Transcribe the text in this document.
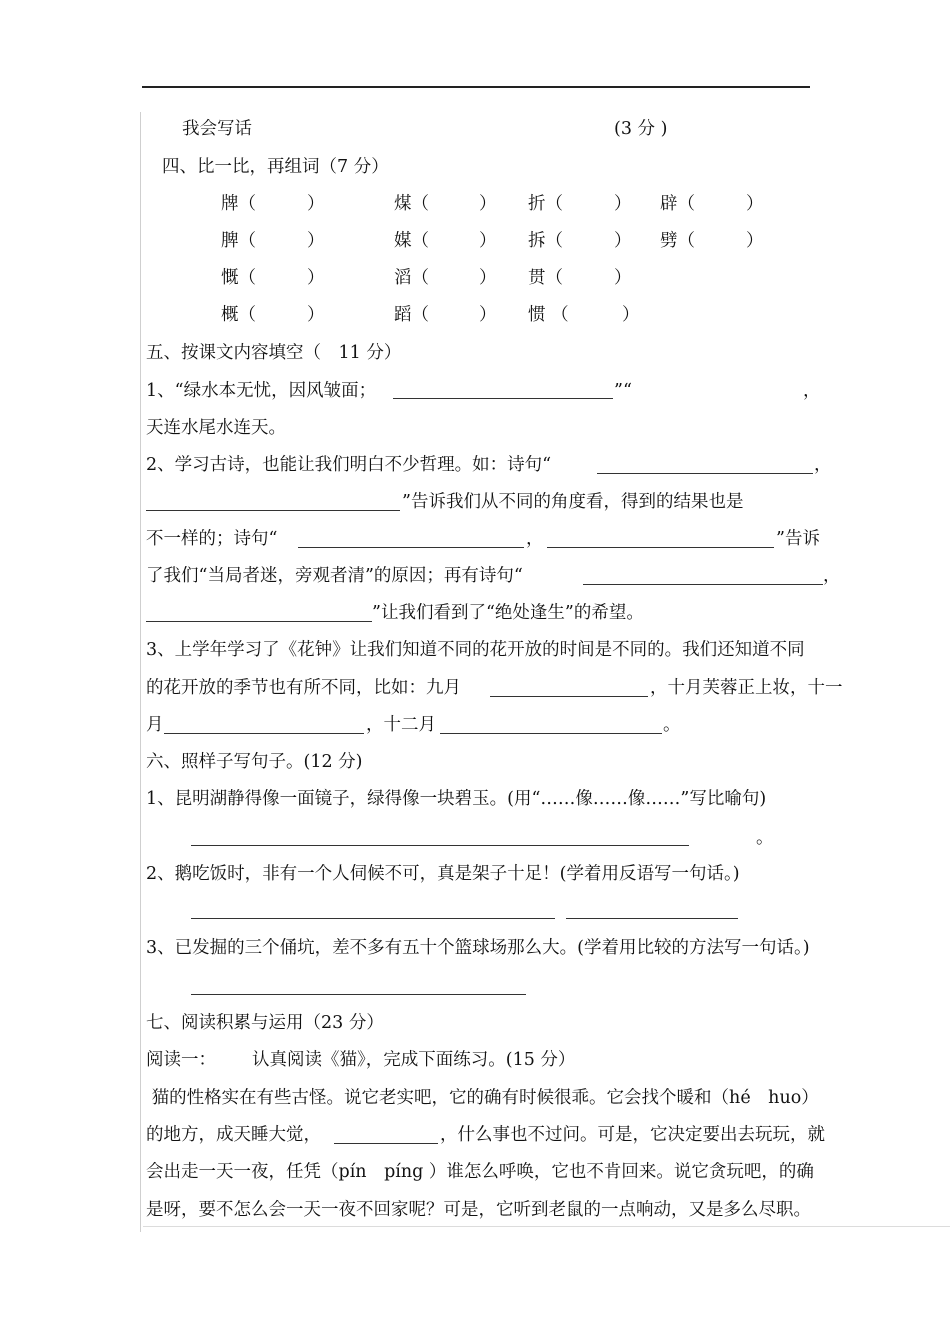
我会写话	(3 分 )
四、比一比，再组词（7 分）
牌（	）	煤（	） 折（	） 辟（	）
脾（	）	媒（	） 拆（	） 劈（	）
慨（	）	滔（	） 贯（	）
概（	）	蹈（	） 惯 （	）
五、按课文内容填空（　11 分）
1、“绿水本无忧，因风皱面；	”“	，
天连水尾水连天。
2、学习古诗，也能让我们明白不少哲理。如：诗句“	，
”告诉我们从不同的角度看，得到的结果也是
不一样的；诗句“	，	”告诉
了我们“当局者迷，旁观者清”的原因；再有诗句“	，
”让我们看到了“绝处逢生”的希望。
3、上学年学习了《花钟》让我们知道不同的花开放的时间是不同的。我们还知道不同
的花开放的季节也有所不同，比如：九月	，十月芙蓉正上妆，十一
月	，十二月	。
六、照样子写句子。(12 分)
1、昆明湖静得像一面镜子，绿得像一块碧玉。(用“……像……像……”写比喻句)
。
2、鹅吃饭时，非有一个人伺候不可，真是架子十足！(学着用反语写一句话。)
3、已发掘的三个俑坑，差不多有五十个篮球场那么大。(学着用比较的方法写一句话。)
七、阅读积累与运用（23 分）
阅读一： 认真阅读《猫》，完成下面练习。(15 分）
猫的性格实在有些古怪。说它老实吧，它的确有时候很乖。它会找个暖和（hé　huo）
的地方，成天睡大觉，	，什么事也不过问。可是，它决定要出去玩玩，就
会出走一天一夜，任凭（pín　píng ）谁怎么呼唤，它也不肯回来。说它贪玩吧，的确
是呀，要不怎么会一天一夜不回家呢？可是，它听到老鼠的一点响动，又是多么尽职。
